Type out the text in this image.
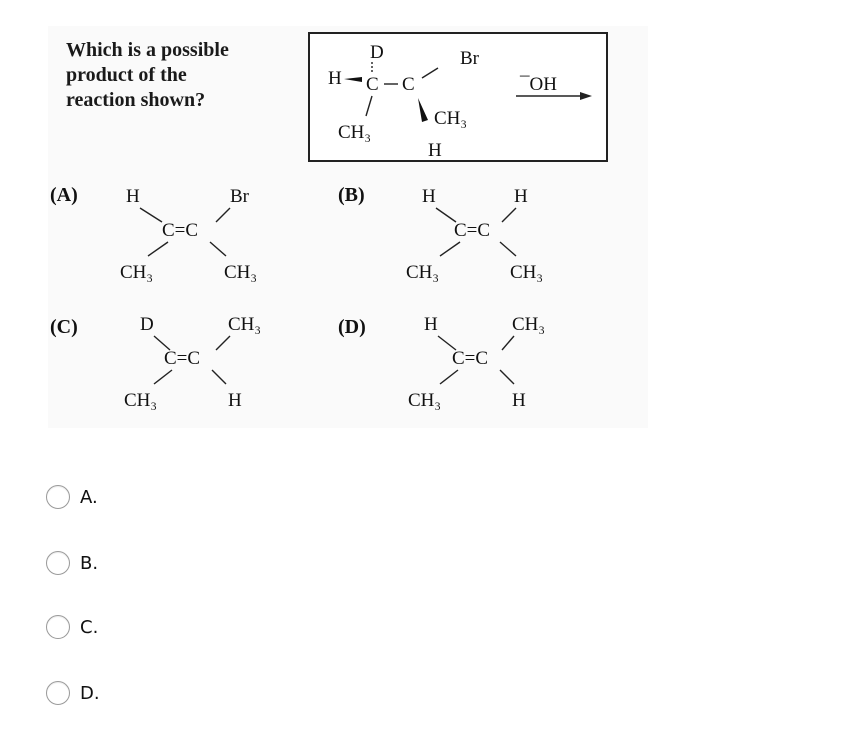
Which is a possible
product of the
reaction shown?
D	Br
H C C
CH₃
CH₃
H
¯OH
(A)	H	Br
C=C
CH₃	CH₃
(B)	H	H
C=C
CH₃	CH₃
(C)	D	CH₃
C=C
CH₃	H
(D)	H	CH₃
C=C
CH₃	H
A.
B.
C.
D.
